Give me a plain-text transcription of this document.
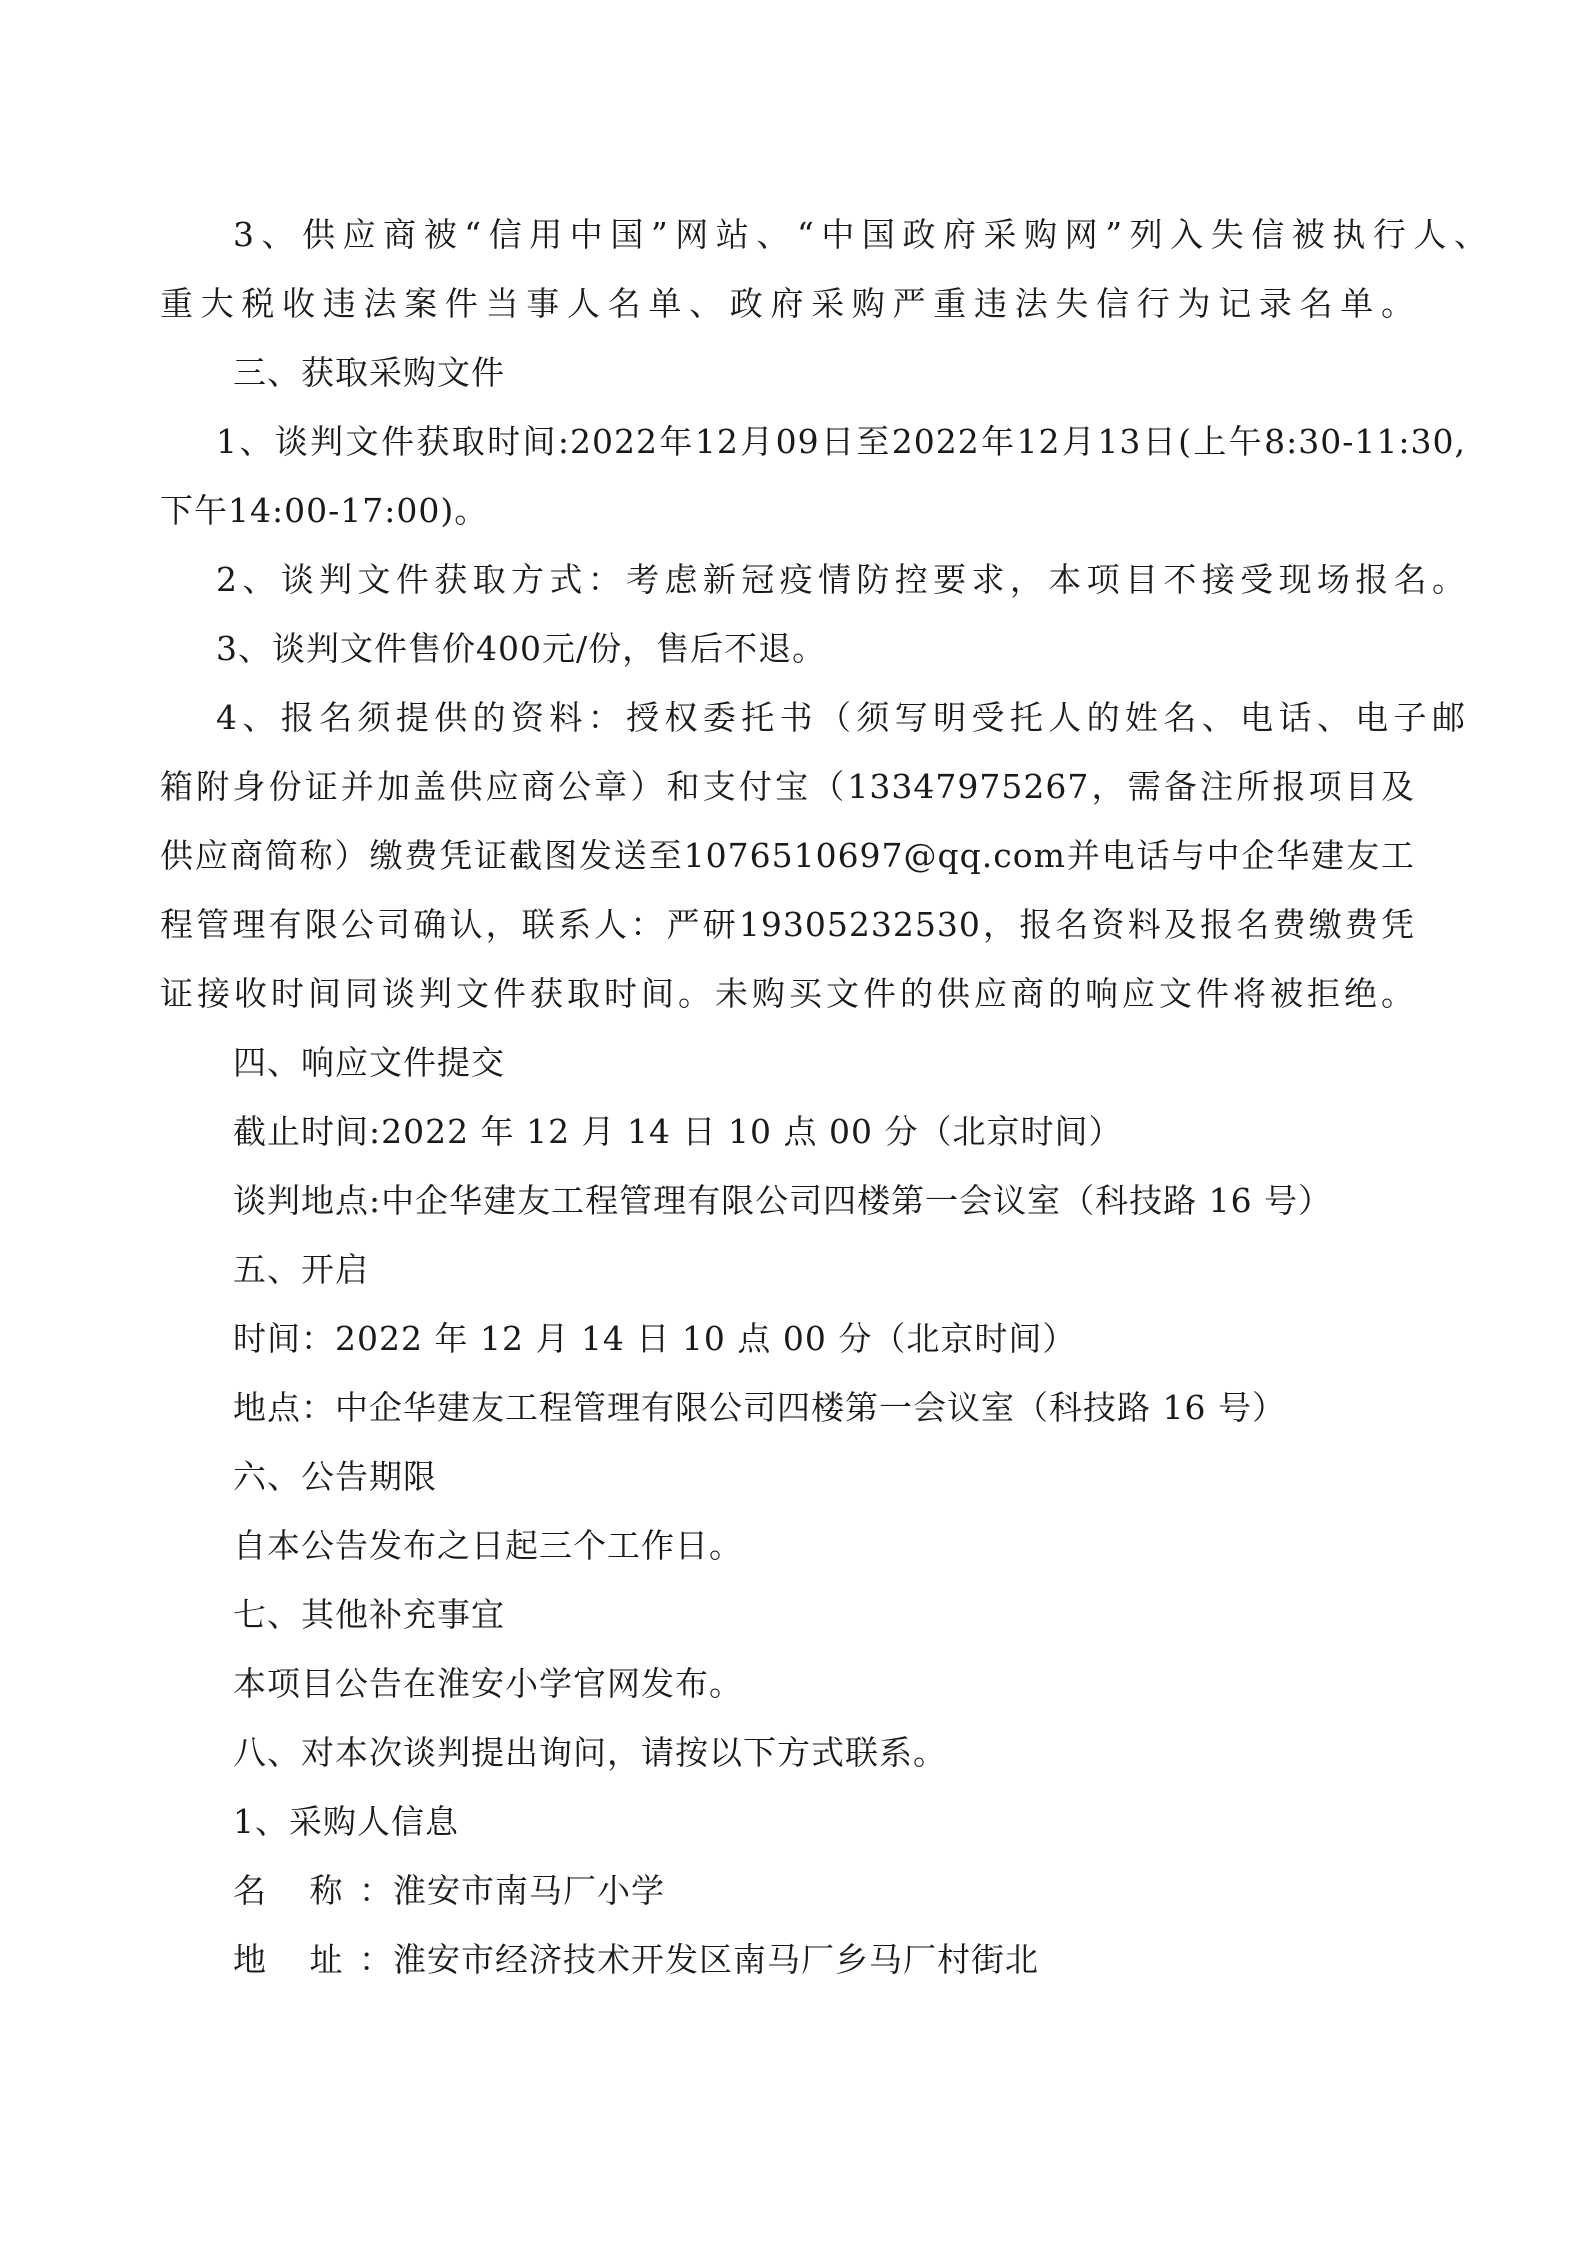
3、供应商被“信用中国”网站、“中国政府采购网”列入失信被执行人、
重大税收违法案件当事人名单、政府采购严重违法失信行为记录名单。
三、获取采购文件
1、谈判文件获取时间:2022年12月09日至2022年12月13日(上午8:30-11:30,
下午14:00-17:00)。
2、谈判文件获取方式：考虑新冠疫情防控要求，本项目不接受现场报名。
3、谈判文件售价400元/份，售后不退。
4、报名须提供的资料：授权委托书（须写明受托人的姓名、电话、电子邮
箱附身份证并加盖供应商公章）和支付宝（13347975267，需备注所报项目及
供应商简称）缴费凭证截图发送至1076510697@qq.com并电话与中企华建友工
程管理有限公司确认，联系人：严研19305232530，报名资料及报名费缴费凭
证接收时间同谈判文件获取时间。未购买文件的供应商的响应文件将被拒绝。
四、响应文件提交
截止时间:2022 年 12 月 14 日 10 点 00 分（北京时间）
谈判地点:中企华建友工程管理有限公司四楼第一会议室（科技路 16 号）
五、开启
时间：2022 年 12 月 14 日 10 点 00 分（北京时间）
地点：中企华建友工程管理有限公司四楼第一会议室（科技路 16 号）
六、公告期限
自本公告发布之日起三个工作日。
七、其他补充事宜
本项目公告在淮安小学官网发布。
八、对本次谈判提出询问，请按以下方式联系。
1、采购人信息
名 称：淮安市南马厂小学
地 址：淮安市经济技术开发区南马厂乡马厂村街北
